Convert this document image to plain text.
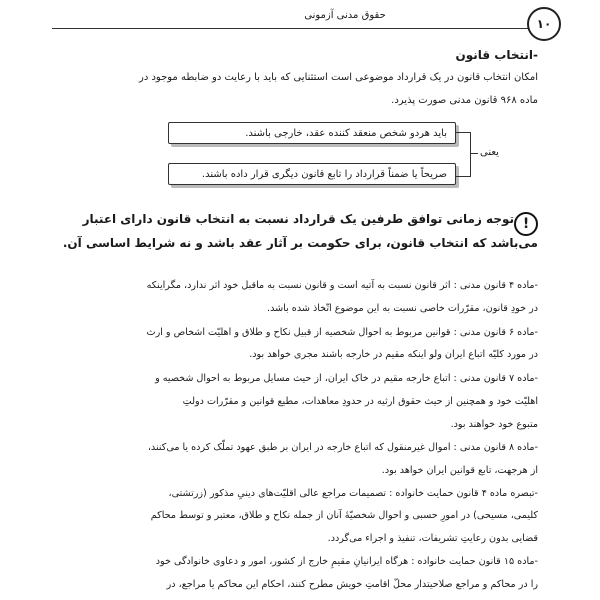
حقوق مدنی آزمونی
۱۰
-انتخاب قانون
امکان انتخاب قانون در یک قرارداد موضوعی است استثنایی که باید با رعایت دو ضابطه موجود در
ماده ۹۶۸ قانون مدنی صورت پذیرد.
باید هردو شخص منعقد کننده عقد، خارجی باشند.
صریحاً یا ضمناً قرارداد را تابع قانون دیگری قرار داده باشند.
یعنی
!
توجه زمانی توافق طرفین یک قرارداد نسبت به انتخاب قانون دارای اعتبار
می‌باشد که انتخاب قانون، برای حکومت بر آثار عقد باشد و نه شرایط اساسی آن.
-ماده ۴ قانون مدنی : اثر قانون نسبت به آتیه است و قانون نسبت به ماقبل خود اثر ندارد، مگراینکه
در خودِ قانون، مقرّرات خاصی نسبت به این موضوع اتّخاذ شده باشد.
-ماده ۶ قانون مدنی : قوانین مربوط به احوال شخصیه از قبیل نکاح و طلاق و اهلیّت اشخاص و ارث
در مورد کلیّه اتباع ایران ولو اینکه مقیم در خارجه باشند مجری خواهد بود.
-ماده ۷ قانون مدنی : اتباع خارجه مقیم در خاک ایران، از حیث مسایل مربوط به احوال شخصیه و
اهلیّت خود و همچنین از حیث حقوق ارثیه در حدودِ معاهدات، مطیع قوانین و مقرّرات دولتِ
متبوع خود خواهند بود.
-ماده ۸ قانون مدنی : اموال غیرمنقول که اتباع خارجه در ایران بر طبق عهود تملّک کرده یا می‌کنند،
از هرجهت، تابع قوانین ایران خواهد بود.
-تبصره ماده ۴ قانون حمایت خانواده : تصمیمات مراجع عالی اقلیّت‌های دینیِ مذکور (زرتشتی،
کلیمی، مسیحی) در امورِ حسبی و احوال شخصیّهٔ آنان از جمله نکاح و طلاق، معتبر و توسط محاکم
قضایی بدون رعایتِ تشریفات، تنفیذ و اجراء می‌گردد.
-ماده ۱۵ قانون حمایت خانواده : هرگاه ایرانیانِ مقیمِ خارج از کشور، امور و دعاوی خانوادگی خود
را در محاکم و مراجع صلاحیتدار محلّ اقامتِ خویش مطرح کنند، احکام این محاکم یا مراجع، در
